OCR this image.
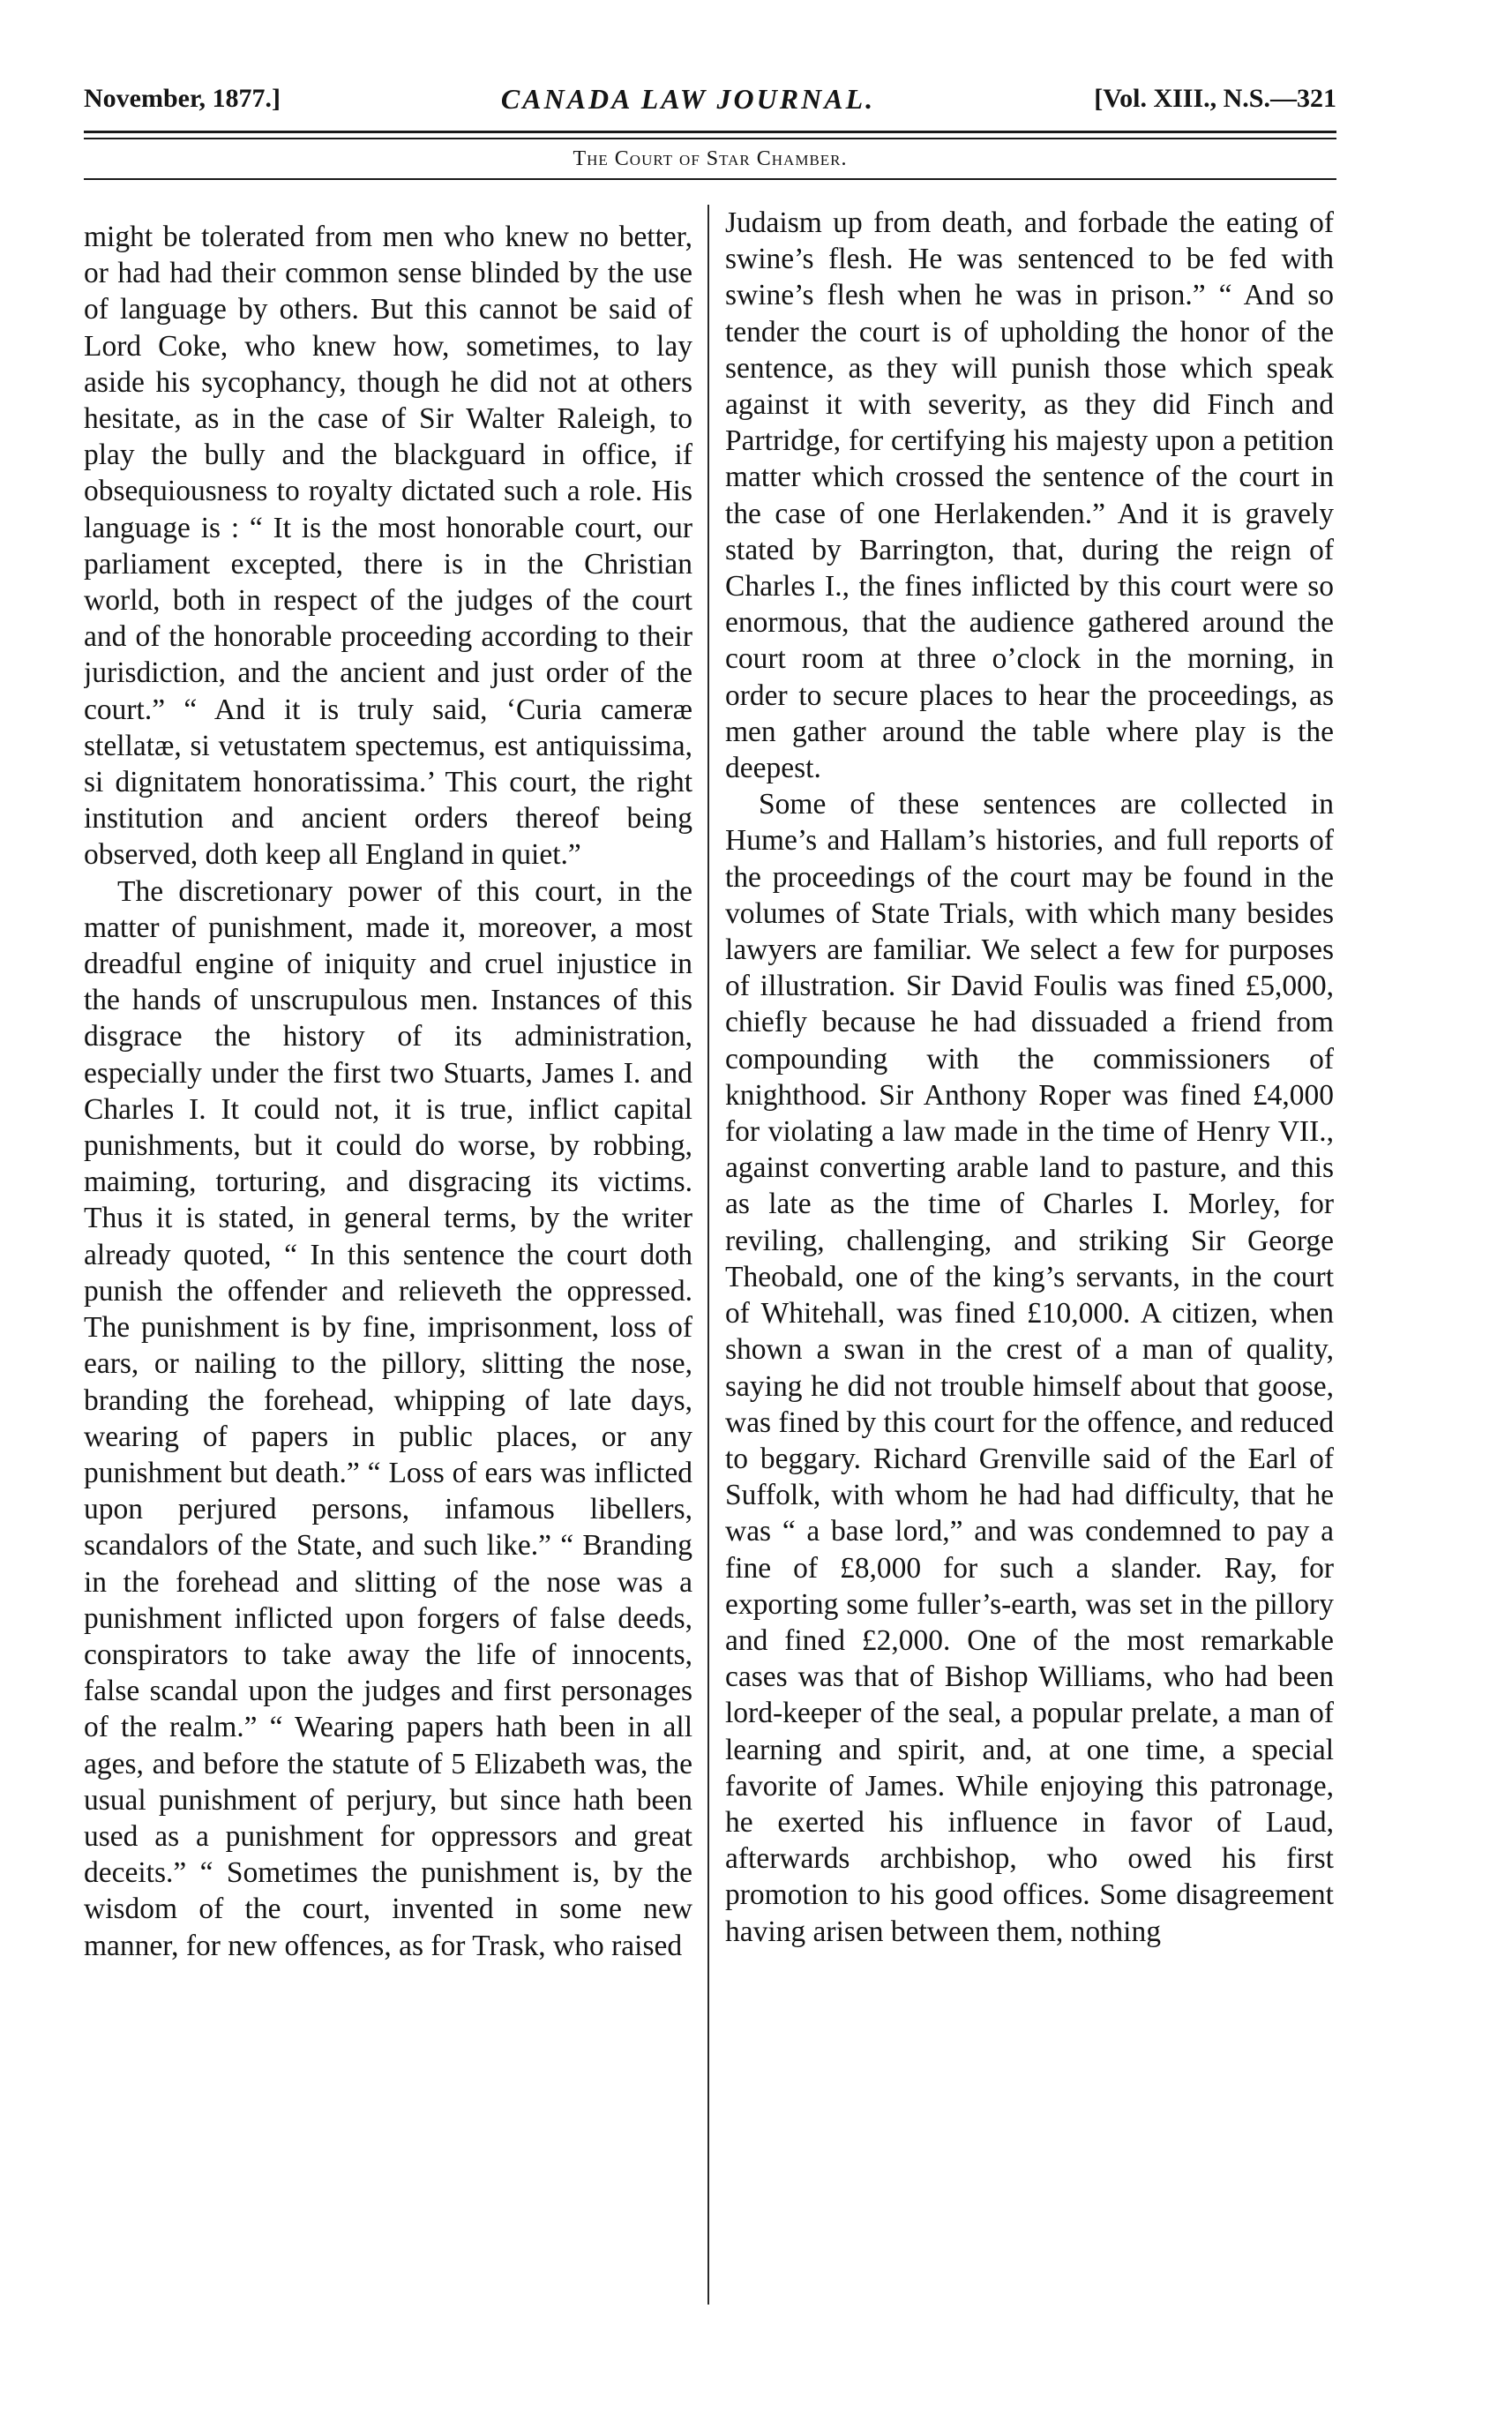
November, 1877.]	CANADA LAW JOURNAL.	[Vol. XIII., N.S.—321
The Court of Star Chamber.

might be tolerated from men who knew no better, or had had their common sense blinded by the use of language by others. But this cannot be said of Lord Coke, who knew how, sometimes, to lay aside his sycophancy, though he did not at others hesitate, as in the case of Sir Walter Raleigh, to play the bully and the blackguard in office, if obsequiousness to royalty dictated such a role. His language is : “ It is the most honorable court, our parliament excepted, there is in the Christian world, both in respect of the judges of the court and of the honorable proceeding according to their jurisdiction, and the ancient and just order of the court.” “ And it is truly said, ‘Curia cameræ stellatæ, si vetustatem spectemus, est antiquissima, si dignitatem honoratissima.’ This court, the right institution and ancient orders thereof being observed, doth keep all England in quiet.”

The discretionary power of this court, in the matter of punishment, made it, moreover, a most dreadful engine of iniquity and cruel injustice in the hands of unscrupulous men. Instances of this disgrace the history of its administration, especially under the first two Stuarts, James I. and Charles I. It could not, it is true, inflict capital punishments, but it could do worse, by robbing, maiming, torturing, and disgracing its victims. Thus it is stated, in general terms, by the writer already quoted, “ In this sentence the court doth punish the offender and relieveth the oppressed. The punishment is by fine, imprisonment, loss of ears, or nailing to the pillory, slitting the nose, branding the forehead, whipping of late days, wearing of papers in public places, or any punishment but death.” “ Loss of ears was inflicted upon perjured persons, infamous libellers, scandalors of the State, and such like.” “ Branding in the forehead and slitting of the nose was a punishment inflicted upon forgers of false deeds, conspirators to take away the life of innocents, false scandal upon the judges and first personages of the realm.” “ Wearing papers hath been in all ages, and before the statute of 5 Elizabeth was, the usual punishment of perjury, but since hath been used as a punishment for oppressors and great deceits.” “ Sometimes the punishment is, by the wisdom of the court, invented in some new manner, for new offences, as for Trask, who raised

Judaism up from death, and forbade the eating of swine’s flesh. He was sentenced to be fed with swine’s flesh when he was in prison.” “ And so tender the court is of upholding the honor of the sentence, as they will punish those which speak against it with severity, as they did Finch and Partridge, for certifying his majesty upon a petition matter which crossed the sentence of the court in the case of one Herlakenden.” And it is gravely stated by Barrington, that, during the reign of Charles I., the fines inflicted by this court were so enormous, that the audience gathered around the court room at three o’clock in the morning, in order to secure places to hear the proceedings, as men gather around the table where play is the deepest.

Some of these sentences are collected in Hume’s and Hallam’s histories, and full reports of the proceedings of the court may be found in the volumes of State Trials, with which many besides lawyers are familiar. We select a few for purposes of illustration. Sir David Foulis was fined £5,000, chiefly because he had dissuaded a friend from compounding with the commissioners of knighthood. Sir Anthony Roper was fined £4,000 for violating a law made in the time of Henry VII., against converting arable land to pasture, and this as late as the time of Charles I. Morley, for reviling, challenging, and striking Sir George Theobald, one of the king’s servants, in the court of Whitehall, was fined £10,000. A citizen, when shown a swan in the crest of a man of quality, saying he did not trouble himself about that goose, was fined by this court for the offence, and reduced to beggary. Richard Grenville said of the Earl of Suffolk, with whom he had had difficulty, that he was “ a base lord,” and was condemned to pay a fine of £8,000 for such a slander. Ray, for exporting some fuller’s-earth, was set in the pillory and fined £2,000. One of the most remarkable cases was that of Bishop Williams, who had been lord-keeper of the seal, a popular prelate, a man of learning and spirit, and, at one time, a special favorite of James. While enjoying this patronage, he exerted his influence in favor of Laud, afterwards archbishop, who owed his first promotion to his good offices. Some disagreement having arisen between them, nothing
